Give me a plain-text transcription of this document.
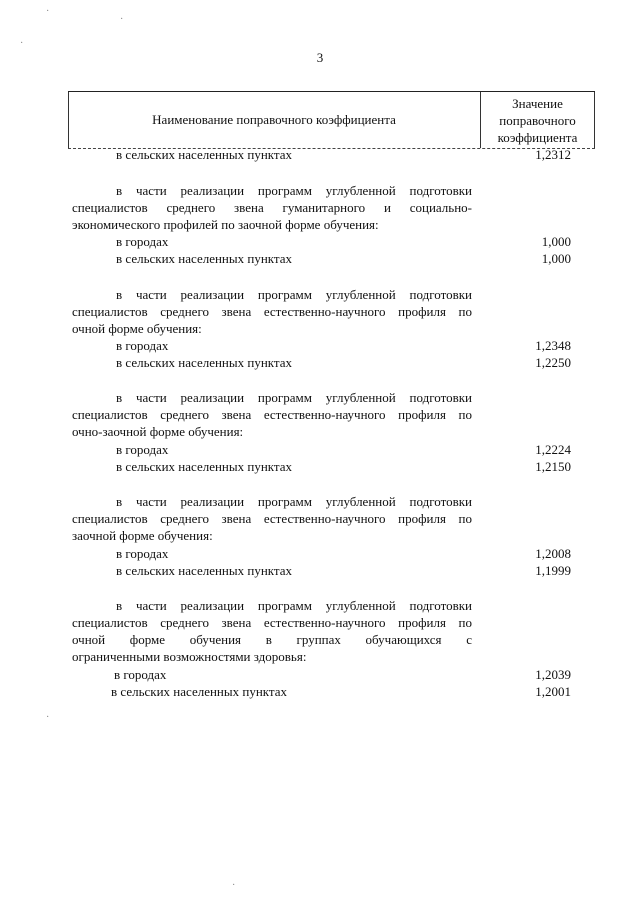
3
Наименование поправочного коэффициента
Значение
поправочного
коэффициента
в сельских населенных пунктах	1,2312
в части реализации программ углубленной подготовки
специалистов среднего звена гуманитарного и социально-
экономического профилей по заочной форме обучения:
в городах	1,000
в сельских населенных пунктах	1,000
в части реализации программ углубленной подготовки
специалистов среднего звена естественно-научного профиля по
очной форме обучения:
в городах	1,2348
в сельских населенных пунктах	1,2250
в части реализации программ углубленной подготовки
специалистов среднего звена естественно-научного профиля по
очно-заочной форме обучения:
в городах	1,2224
в сельских населенных пунктах	1,2150
в части реализации программ углубленной подготовки
специалистов среднего звена естественно-научного профиля по
заочной форме обучения:
в городах	1,2008
в сельских населенных пунктах	1,1999
в части реализации программ углубленной подготовки
специалистов среднего звена естественно-научного профиля по
очной форме обучения в группах обучающихся с
ограниченными возможностями здоровья:
в городах	1,2039
в сельских населенных пунктах	1,2001
·
·
·
·
·
